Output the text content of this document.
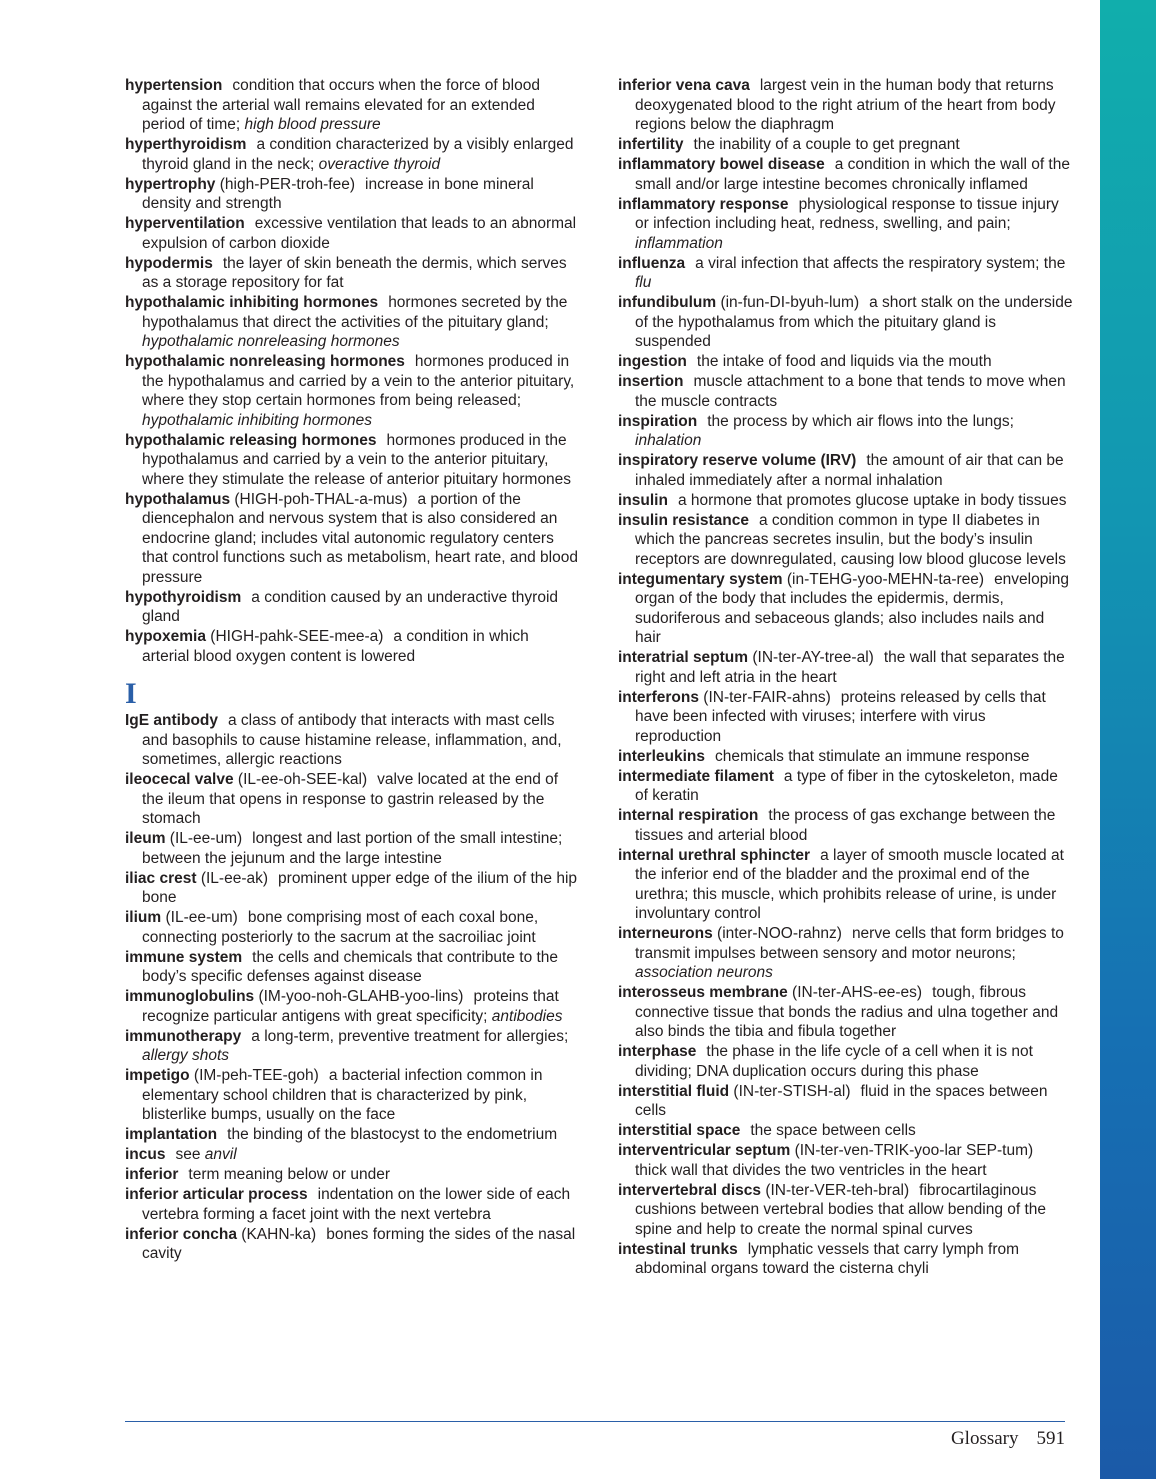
hypertension condition that occurs when the force of blood against the arterial wall remains elevated for an extended period of time; high blood pressure
hyperthyroidism a condition characterized by a visibly enlarged thyroid gland in the neck; overactive thyroid
hypertrophy (high-PER-troh-fee) increase in bone mineral density and strength
hyperventilation excessive ventilation that leads to an abnormal expulsion of carbon dioxide
hypodermis the layer of skin beneath the dermis, which serves as a storage repository for fat
hypothalamic inhibiting hormones hormones secreted by the hypothalamus that direct the activities of the pituitary gland; hypothalamic nonreleasing hormones
hypothalamic nonreleasing hormones hormones produced in the hypothalamus and carried by a vein to the anterior pituitary, where they stop certain hormones from being released; hypothalamic inhibiting hormones
hypothalamic releasing hormones hormones produced in the hypothalamus and carried by a vein to the anterior pituitary, where they stimulate the release of anterior pituitary hormones
hypothalamus (HIGH-poh-THAL-a-mus) a portion of the diencephalon and nervous system that is also considered an endocrine gland; includes vital autonomic regulatory centers that control functions such as metabolism, heart rate, and blood pressure
hypothyroidism a condition caused by an underactive thyroid gland
hypoxemia (HIGH-pahk-SEE-mee-a) a condition in which arterial blood oxygen content is lowered
I
IgE antibody a class of antibody that interacts with mast cells and basophils to cause histamine release, inflammation, and, sometimes, allergic reactions
ileocecal valve (IL-ee-oh-SEE-kal) valve located at the end of the ileum that opens in response to gastrin released by the stomach
ileum (IL-ee-um) longest and last portion of the small intestine; between the jejunum and the large intestine
iliac crest (IL-ee-ak) prominent upper edge of the ilium of the hip bone
ilium (IL-ee-um) bone comprising most of each coxal bone, connecting posteriorly to the sacrum at the sacroiliac joint
immune system the cells and chemicals that contribute to the body’s specific defenses against disease
immunoglobulins (IM-yoo-noh-GLAHB-yoo-lins) proteins that recognize particular antigens with great specificity; antibodies
immunotherapy a long-term, preventive treatment for allergies; allergy shots
impetigo (IM-peh-TEE-goh) a bacterial infection common in elementary school children that is characterized by pink, blisterlike bumps, usually on the face
implantation the binding of the blastocyst to the endometrium
incus see anvil
inferior term meaning below or under
inferior articular process indentation on the lower side of each vertebra forming a facet joint with the next vertebra
inferior concha (KAHN-ka) bones forming the sides of the nasal cavity
inferior vena cava largest vein in the human body that returns deoxygenated blood to the right atrium of the heart from body regions below the diaphragm
infertility the inability of a couple to get pregnant
inflammatory bowel disease a condition in which the wall of the small and/or large intestine becomes chronically inflamed
inflammatory response physiological response to tissue injury or infection including heat, redness, swelling, and pain; inflammation
influenza a viral infection that affects the respiratory system; the flu
infundibulum (in-fun-DI-byuh-lum) a short stalk on the underside of the hypothalamus from which the pituitary gland is suspended
ingestion the intake of food and liquids via the mouth
insertion muscle attachment to a bone that tends to move when the muscle contracts
inspiration the process by which air flows into the lungs; inhalation
inspiratory reserve volume (IRV) the amount of air that can be inhaled immediately after a normal inhalation
insulin a hormone that promotes glucose uptake in body tissues
insulin resistance a condition common in type II diabetes in which the pancreas secretes insulin, but the body’s insulin receptors are downregulated, causing low blood glucose levels
integumentary system (in-TEHG-yoo-MEHN-ta-ree) enveloping organ of the body that includes the epidermis, dermis, sudoriferous and sebaceous glands; also includes nails and hair
interatrial septum (IN-ter-AY-tree-al) the wall that separates the right and left atria in the heart
interferons (IN-ter-FAIR-ahns) proteins released by cells that have been infected with viruses; interfere with virus reproduction
interleukins chemicals that stimulate an immune response
intermediate filament a type of fiber in the cytoskeleton, made of keratin
internal respiration the process of gas exchange between the tissues and arterial blood
internal urethral sphincter a layer of smooth muscle located at the inferior end of the bladder and the proximal end of the urethra; this muscle, which prohibits release of urine, is under involuntary control
interneurons (inter-NOO-rahnz) nerve cells that form bridges to transmit impulses between sensory and motor neurons; association neurons
interosseus membrane (IN-ter-AHS-ee-es) tough, fibrous connective tissue that bonds the radius and ulna together and also binds the tibia and fibula together
interphase the phase in the life cycle of a cell when it is not dividing; DNA duplication occurs during this phase
interstitial fluid (IN-ter-STISH-al) fluid in the spaces between cells
interstitial space the space between cells
interventricular septum (IN-ter-ven-TRIK-yoo-lar SEP-tum)thick wall that divides the two ventricles in the heart
intervertebral discs (IN-ter-VER-teh-bral) fibrocartilaginous cushions between vertebral bodies that allow bending of the spine and help to create the normal spinal curves
intestinal trunks lymphatic vessels that carry lymph from abdominal organs toward the cisterna chyli
Glossary 591
